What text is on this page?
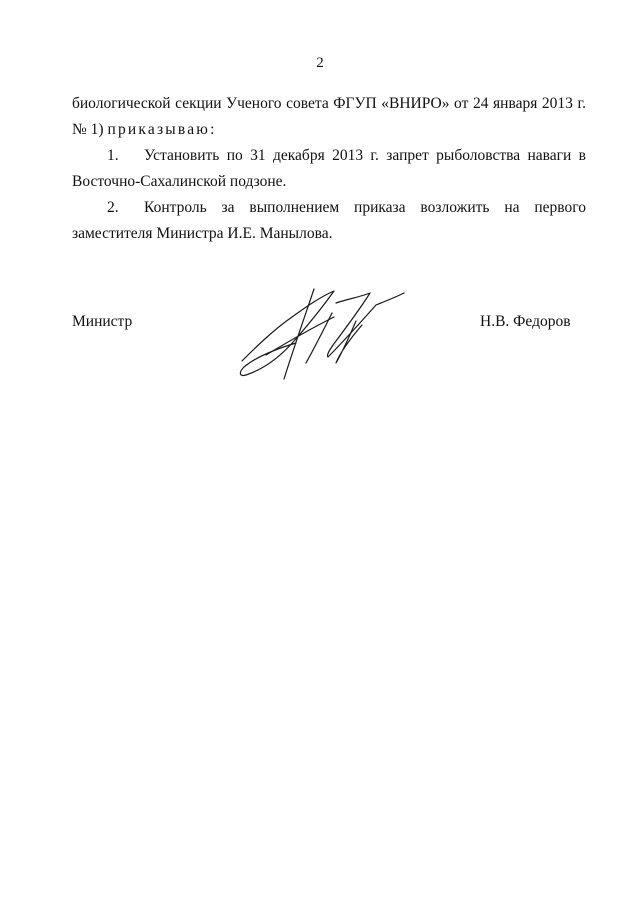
2
биологической секции Ученого совета ФГУП «ВНИРО» от 24 января 2013 г.
№ 1) приказываю:
1. Установить по 31 декабря 2013 г. запрет рыболовства наваги в
Восточно-Сахалинской подзоне.
2. Контроль за выполнением приказа возложить на первого
заместителя Министра И.Е. Манылова.
Министр	Н.В. Федоров
